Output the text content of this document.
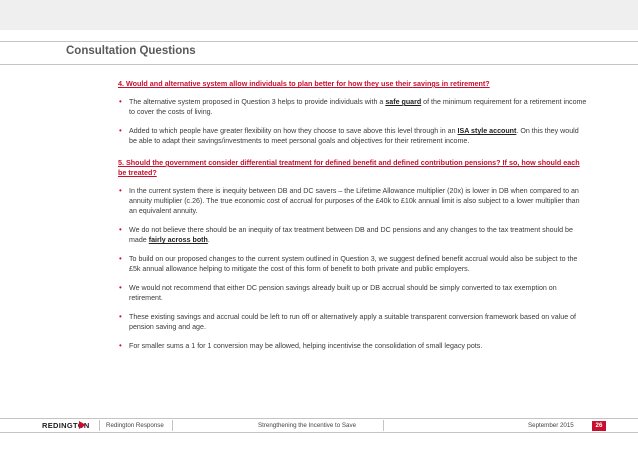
Consultation Questions

4. Would and alternative system allow individuals to plan better for how they use their savings in retirement?

• The alternative system proposed in Question 3 helps to provide individuals with a safe guard of the minimum requirement for a retirement income to cover the costs of living.
• Added to which people have greater flexibility on how they choose to save above this level through in an ISA style account. On this they would be able to adapt their savings/investments to meet personal goals and objectives for their retirement income.

5. Should the government consider differential treatment for defined benefit and defined contribution pensions? If so, how should each be treated?

• In the current system there is inequity between DB and DC savers – the Lifetime Allowance multiplier (20x) is lower in DB when compared to an annuity multiplier (c.26). The true economic cost of accrual for purposes of the £40k to £10k annual limit is also subject to a lower multiplier than an equivalent annuity.
• We do not believe there should be an inequity of tax treatment between DB and DC pensions and any changes to the tax treatment should be made fairly across both.
• To build on our proposed changes to the current system outlined in Question 3, we suggest defined benefit accrual would also be subject to the £5k annual allowance helping to mitigate the cost of this form of benefit to both private and public employers.
• We would not recommend that either DC pension savings already built up or DB accrual should be simply converted to tax exemption on retirement.
• These existing savings and accrual could be left to run off or alternatively apply a suitable transparent conversion framework based on value of pension saving and age.
• For smaller sums a 1 for 1 conversion may be allowed, helping incentivise the consolidation of small legacy pots.
REDINGTON	Redington Response	Strengthening the Incentive to Save	September 2015	26
